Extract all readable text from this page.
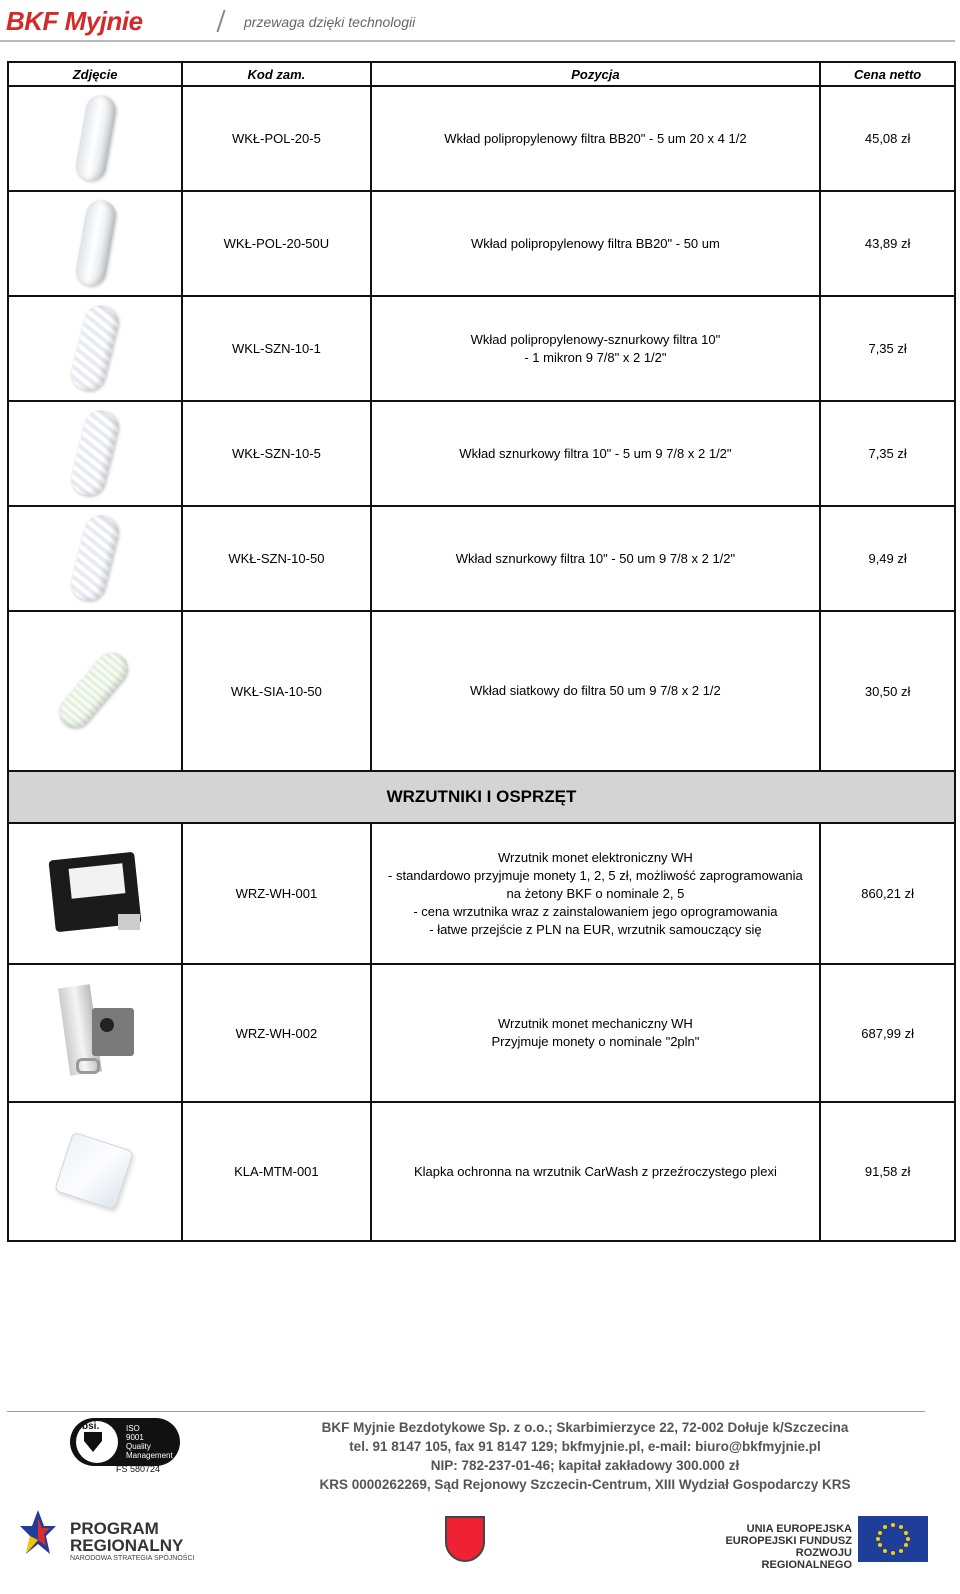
BKF Myjnie	przewaga dzięki technologii
Zdjęcie	Kod zam.	Pozycja	Cena netto

	WKŁ-POL-20-5	Wkład polipropylenowy filtra BB20" - 5 um 20 x 4 1/2	45,08 zł

	WKŁ-POL-20-50U	Wkład polipropylenowy filtra BB20" - 50 um	43,89 zł

	WKL-SZN-10-1	Wkład polipropylenowy-sznurkowy filtra 10"
- 1 mikron 9 7/8" x 2 1/2"	7,35 zł

	WKŁ-SZN-10-5	Wkład sznurkowy filtra 10" - 5 um 9 7/8 x 2 1/2"	7,35 zł

	WKŁ-SZN-10-50	Wkład sznurkowy filtra 10" - 50 um 9 7/8 x 2 1/2"	9,49 zł

	WKŁ-SIA-10-50	Wkład siatkowy do filtra 50 um 9 7/8 x 2 1/2	30,50 zł
WRZUTNIKI I OSPRZĘT			

	WRZ-WH-001	Wrzutnik monet elektroniczny WH
- standardowo przyjmuje monety 1, 2, 5 zł, możliwość zaprogramowania
na żetony BKF o nominale 2, 5
- cena wrzutnika wraz z zainstalowaniem jego oprogramowania
- łatwe przejście z PLN na EUR, wrzutnik samouczący się	860,21 zł

	WRZ-WH-002	Wrzutnik monet mechaniczny WH
Przyjmuje monety o nominale "2pln"	687,99 zł

	KLA-MTM-001	Klapka ochronna na wrzutnik CarWash z przeźroczystego plexi	91,58 zł
bsi.	ISO
9001
Quality
Management
FS 580724
BKF Myjnie Bezdotykowe Sp. z o.o.; Skarbimierzyce 22, 72-002 Dołuje k/Szczecina
tel. 91 8147 105, fax 91 8147 129; bkfmyjnie.pl, e-mail: biuro@bkfmyjnie.pl
NIP: 782-237-01-46; kapitał zakładowy 300.000 zł
KRS 0000262269, Sąd Rejonowy Szczecin-Centrum, XIII Wydział Gospodarczy KRS
PROGRAM
REGIONALNY
NARODOWA STRATEGIA SPÓJNOŚCI
UNIA EUROPEJSKA
EUROPEJSKI FUNDUSZ
ROZWOJU REGIONALNEGO
